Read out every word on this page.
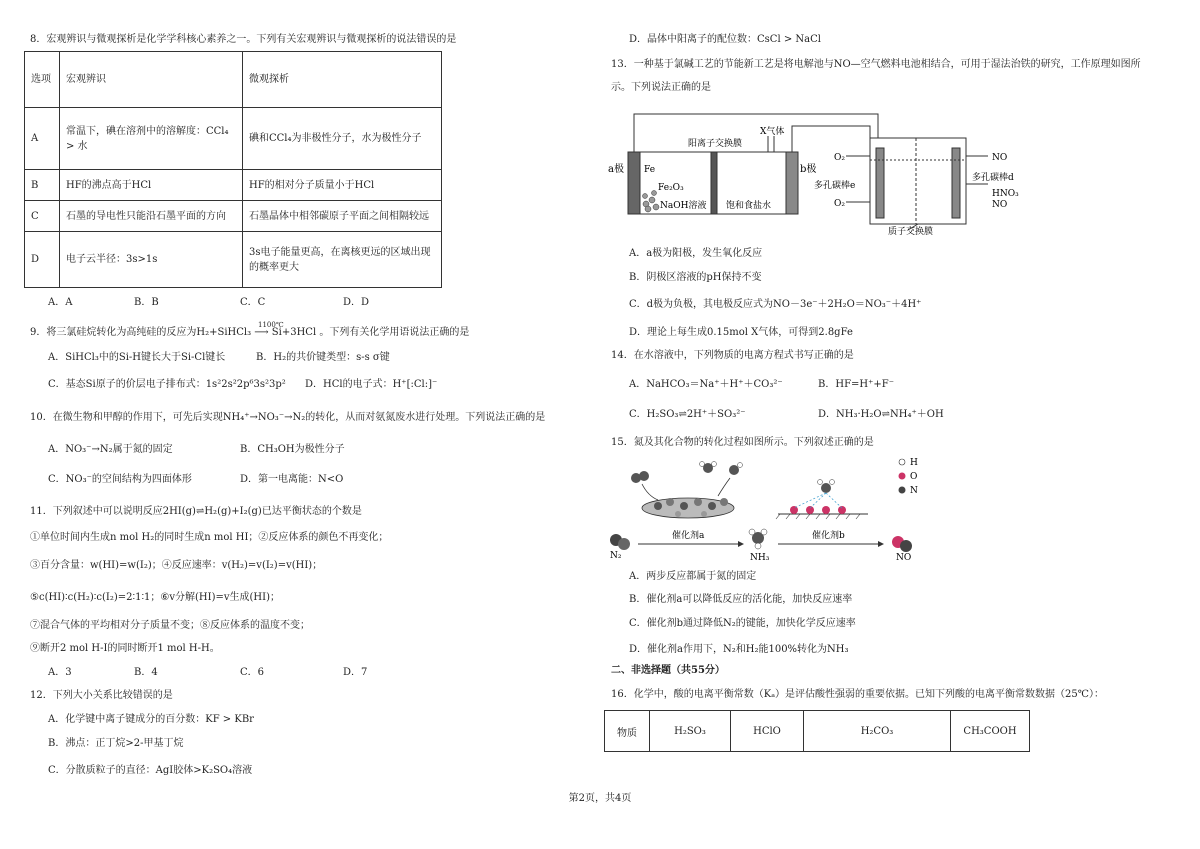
8．宏观辨识与微观探析是化学学科核心素养之一。下列有关宏观辨识与微观探析的说法错误的是
选项	宏观辨识	微观探析
A	常温下，碘在溶剂中的溶解度：CCl₄ > 水	碘和CCl₄为非极性分子，水为极性分子
B	HF的沸点高于HCl	HF的相对分子质量小于HCl
C	石墨的导电性只能沿石墨平面的方向	石墨晶体中相邻碳原子平面之间相隔较远
D	电子云半径：3s>1s	3s电子能量更高，在离核更远的区域出现的概率更大
A．A	B．B	C．C	D．D
1100℃
9．将三氯硅烷转化为高纯硅的反应为H₂+SiHCl₃ ⟶ Si+3HCl 。下列有关化学用语说法正确的是
A．SiHCl₃中的Si-H键长大于Si-Cl键长	B．H₂的共价键类型：s-s σ键
C．基态Si原子的价层电子排布式：1s²2s²2p⁶3s²3p² D．HCl的电子式：H⁺[:Cl:]⁻
10．在微生物和甲醇的作用下，可先后实现NH₄⁺→NO₃⁻→N₂的转化，从而对氨氮废水进行处理。下列说法正确的是
A．NO₃⁻→N₂属于氮的固定	B．CH₃OH为极性分子
C．NO₃⁻的空间结构为四面体形	D．第一电离能：N<O
11．下列叙述中可以说明反应2HI(g)⇌H₂(g)+I₂(g)已达平衡状态的个数是
①单位时间内生成n mol H₂的同时生成n mol HI；②反应体系的颜色不再变化；
③百分含量：w(HI)=w(I₂)；④反应速率：v(H₂)=v(I₂)=v(HI)；
⑤c(HI)∶c(H₂)∶c(I₂)=2∶1∶1；⑥v分解(HI)=v生成(HI)；
⑦混合气体的平均相对分子质量不变；⑧反应体系的温度不变；
⑨断开2 mol H-I的同时断开1 mol H-H。
A．3	B．4	C．6	D．7
12．下列大小关系比较错误的是
A．化学键中离子键成分的百分数：KF > KBr
B．沸点：正丁烷>2-甲基丁烷
C．分散质粒子的直径：AgI胶体>K₂SO₄溶液
D．晶体中阳离子的配位数：CsCl > NaCl
13．一种基于氯碱工艺的节能新工艺是将电解池与NO—空气燃料电池相结合，可用于湿法治铁的研究，工作原理如图所
示。下列说法正确的是
a极 Fe
Fe₂O₃
NaOH溶液
阳离子交换膜
X气体
饱和食盐水
b极
O₂
多孔碳棒e
O₂
NO
多孔碳棒d
HNO₃
NO
质子交换膜
A．a极为阳极，发生氧化反应
B．阴极区溶液的pH保持不变
C．d极为负极，其电极反应式为NO－3e⁻＋2H₂O＝NO₃⁻＋4H⁺
D．理论上每生成0.15mol X气体，可得到2.8gFe
14．在水溶液中，下列物质的电离方程式书写正确的是
A．NaHCO₃＝Na⁺＋H⁺＋CO₃²⁻	B．HF=H⁺+F⁻
C．H₂SO₃⇌2H⁺＋SO₃²⁻	D．NH₃·H₂O⇌NH₄⁺＋OH
15．氮及其化合物的转化过程如图所示。下列叙述正确的是
H
O
N
N₂
催化剂a
NH₃
催化剂b
NO
A．两步反应都属于氮的固定
B．催化剂a可以降低反应的活化能，加快反应速率
C．催化剂b通过降低N₂的键能，加快化学反应速率
D．催化剂a作用下，N₂和H₂能100%转化为NH₃
二、非选择题（共55分）
16．化学中，酸的电离平衡常数（Kₐ）是评估酸性强弱的重要依据。已知下列酸的电离平衡常数数据（25℃）：
物质	H₂SO₃	HClO	H₂CO₃	CH₃COOH
第2页，共4页
